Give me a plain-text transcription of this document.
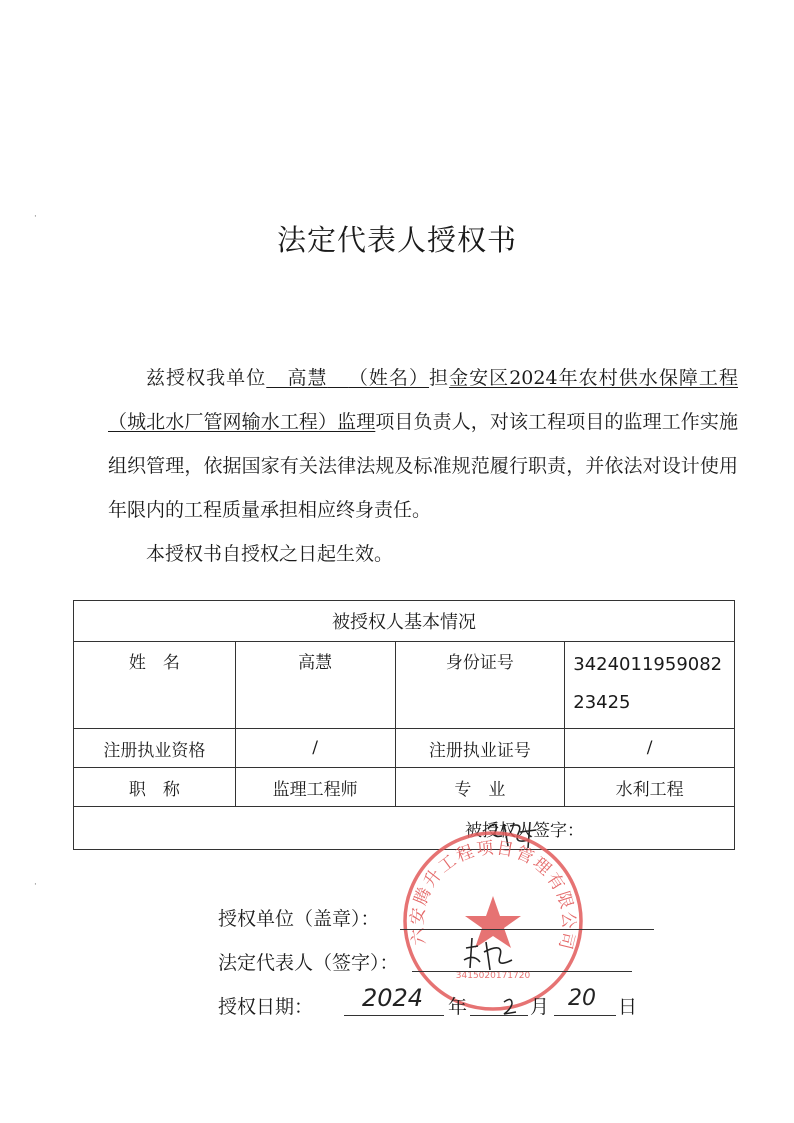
·
·
法定代表人授权书

兹授权我单位 高慧 （姓名）担金安区2024年农村供水保障工程（城北水厂管网输水工程）监理项目负责人，对该工程项目的监理工作实施组织管理，依据国家有关法律法规及标准规范履行职责，并依法对设计使用年限内的工程质量承担相应终身责任。

本授权书自授权之日起生效。

被授权人基本情况			
姓　名	高慧	身份证号	342401195908223425
注册执业资格	/	注册执业证号	/
职　称	监理工程师	专　业	水利工程
被授权人签字：			
六安腾升工程项目管理有限公司
3415020171720
授权单位（盖章）：
法定代表人（签字）：
授权日期： 2024 年	月 20 日
